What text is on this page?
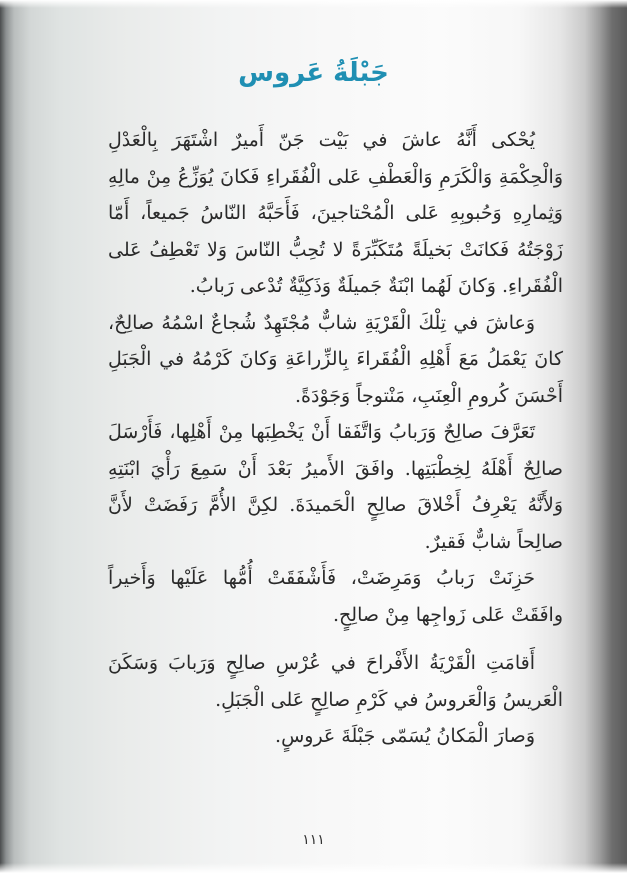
جَبْلَةُ عَروس

يُحْكى أَنَّهُ عاشَ في بَيْت جَنّ أَميرٌ اشْتَهَرَ بِالْعَدْلِ وَالْحِكْمَةِ وَالْكَرَمِ وَالْعَطْفِ عَلى الْفُقَراءِ فَكانَ يُوَزِّعُ مِنْ مالِهِ وَثِمارِهِ وَحُبوبِهِ عَلى الْمُحْتاجينَ، فَأَحَبَّهُ النّاسُ جَميعاً، أَمّا زَوْجَتُهُ فَكانَتْ بَخيلَةً مُتَكَبِّرَةً لا تُحِبُّ النّاسَ وَلا تَعْطِفُ عَلى الْفُقَراءِ. وَكانَ لَهُما ابْنَةٌ جَميلَةٌ وَذَكِيَّةٌ تُدْعى رَبابُ.

وَعاشَ في تِلْكَ الْقَرْيَةِ شابٌّ مُجْتَهِدٌ شُجاعٌ اسْمُهُ صالِحٌ، كانَ يَعْمَلُ مَعَ أَهْلِهِ الْفُقَراءَ بِالزِّراعَةِ وَكانَ كَرْمُهُ في الْجَبَلِ أَحْسَنَ كُرومِ الْعِنَبِ، مَنْتوجاً وَجَوْدَةً.

تَعَرَّفَ صالِحٌ وَرَبابُ وَاتَّفَقا أَنْ يَخْطِبَها مِنْ أَهْلِها، فَأَرْسَلَ صالِحٌ أَهْلَهُ لِخِطْبَتِها. وافَقَ الأَميرُ بَعْدَ أَنْ سَمِعَ رَأْيَ ابْنَتِهِ وَلأَنَّهُ يَعْرِفُ أَخْلاقَ صالِحٍ الْحَميدَةَ. لكِنَّ الأُمَّ رَفَضَتْ لأَنَّ صالِحاً شابٌّ فَقيرٌ.

حَزِنَتْ رَبابُ وَمَرِضَتْ، فَأَشْفَقَتْ أُمُّها عَلَيْها وَأَخيراً وافَقَتْ عَلى زَواجِها مِنْ صالِحٍ.

أَقامَتِ الْقَرْيَةُ الأَفْراحَ في عُرْسِ صالِحٍ وَرَبابَ وَسَكَنَ الْعَريسُ وَالْعَروسُ في كَرْمِ صالِحٍ عَلى الْجَبَلِ.

وَصارَ الْمَكانُ يُسَمّى جَبْلَةَ عَروسٍ.

١١١
